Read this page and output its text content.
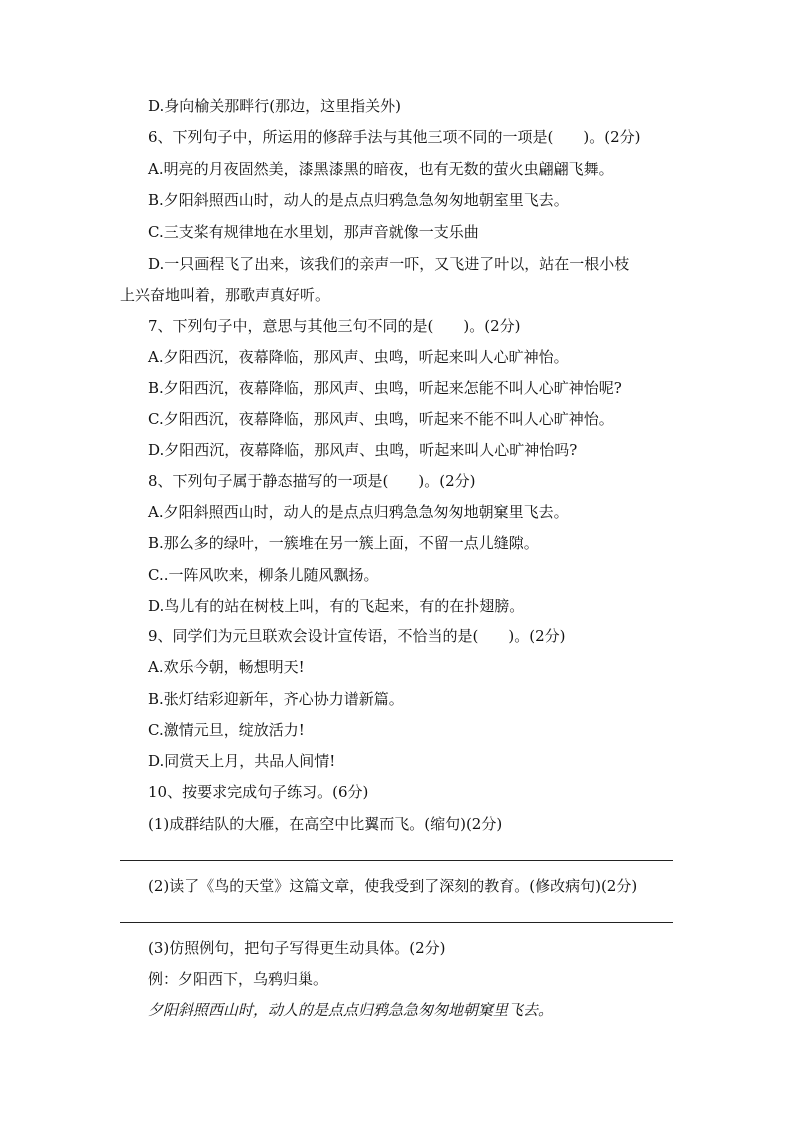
D.身向榆关那畔行(那边，这里指关外)
6、下列句子中，所运用的修辞手法与其他三项不同的一项是(　　)。(2分)
A.明亮的月夜固然美，漆黑漆黑的暗夜，也有无数的萤火虫翩翩飞舞。
B.夕阳斜照西山时，动人的是点点归鸦急急匆匆地朝室里飞去。
C.三支桨有规律地在水里划，那声音就像一支乐曲
D.一只画程飞了出来，该我们的亲声一吓，又飞进了叶以，站在一根小枝
上兴奋地叫着，那歌声真好听。
7、下列句子中，意思与其他三句不同的是(　　)。(2分)
A.夕阳西沉，夜幕降临，那风声、虫鸣，听起来叫人心旷神怡。
B.夕阳西沉，夜幕降临，那风声、虫鸣，听起来怎能不叫人心旷神怡呢?
C.夕阳西沉，夜幕降临，那风声、虫鸣，听起来不能不叫人心旷神怡。
D.夕阳西沉，夜幕降临，那风声、虫鸣，听起来叫人心旷神怡吗?
8、下列句子属于静态描写的一项是(　　)。(2分)
A.夕阳斜照西山时，动人的是点点归鸦急急匆匆地朝窠里飞去。
B.那么多的绿叶，一簇堆在另一簇上面，不留一点儿缝隙。
C..一阵风吹来，柳条儿随风飘扬。
D.鸟儿有的站在树枝上叫，有的飞起来，有的在扑翅膀。
9、同学们为元旦联欢会设计宣传语，不恰当的是(　　)。(2分)
A.欢乐今朝，畅想明天!
B.张灯结彩迎新年，齐心协力谱新篇。
C.激情元旦，绽放活力!
D.同赏天上月，共品人间情!
10、按要求完成句子练习。(6分)
(1)成群结队的大雁，在高空中比翼而飞。(缩句)(2分)
(2)读了《鸟的天堂》这篇文章，使我受到了深刻的教育。(修改病句)(2分)
(3)仿照例句，把句子写得更生动具体。(2分)
例：夕阳西下，乌鸦归巢。
夕阳斜照西山时，动人的是点点归鸦急急匆匆地朝窠里飞去。
